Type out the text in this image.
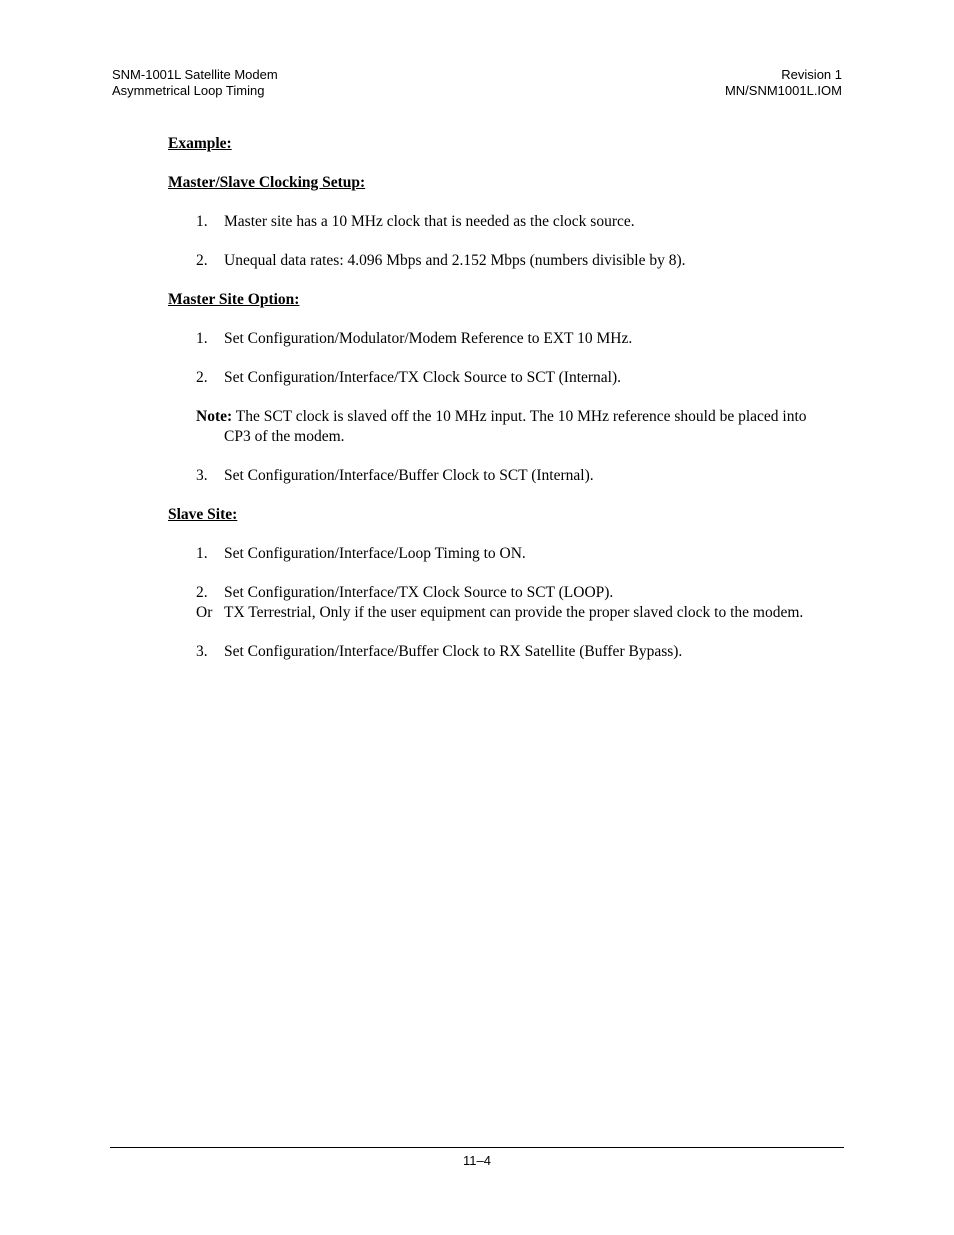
SNM-1001L Satellite Modem
Asymmetrical Loop Timing
Revision 1
MN/SNM1001L.IOM
Example:
Master/Slave Clocking Setup:
1. Master site has a 10 MHz clock that is needed as the clock source.
2. Unequal data rates: 4.096 Mbps and 2.152 Mbps (numbers divisible by 8).
Master Site Option:
1. Set Configuration/Modulator/Modem Reference to EXT 10 MHz.
2. Set Configuration/Interface/TX Clock Source to SCT (Internal).
Note: The SCT clock is slaved off the 10 MHz input. The 10 MHz reference should be placed into CP3 of the modem.
3. Set Configuration/Interface/Buffer Clock to SCT (Internal).
Slave Site:
1. Set Configuration/Interface/Loop Timing to ON.
2. Set Configuration/Interface/TX Clock Source to SCT (LOOP).
Or TX Terrestrial, Only if the user equipment can provide the proper slaved clock to the modem.
3. Set Configuration/Interface/Buffer Clock to RX Satellite (Buffer Bypass).
11–4
